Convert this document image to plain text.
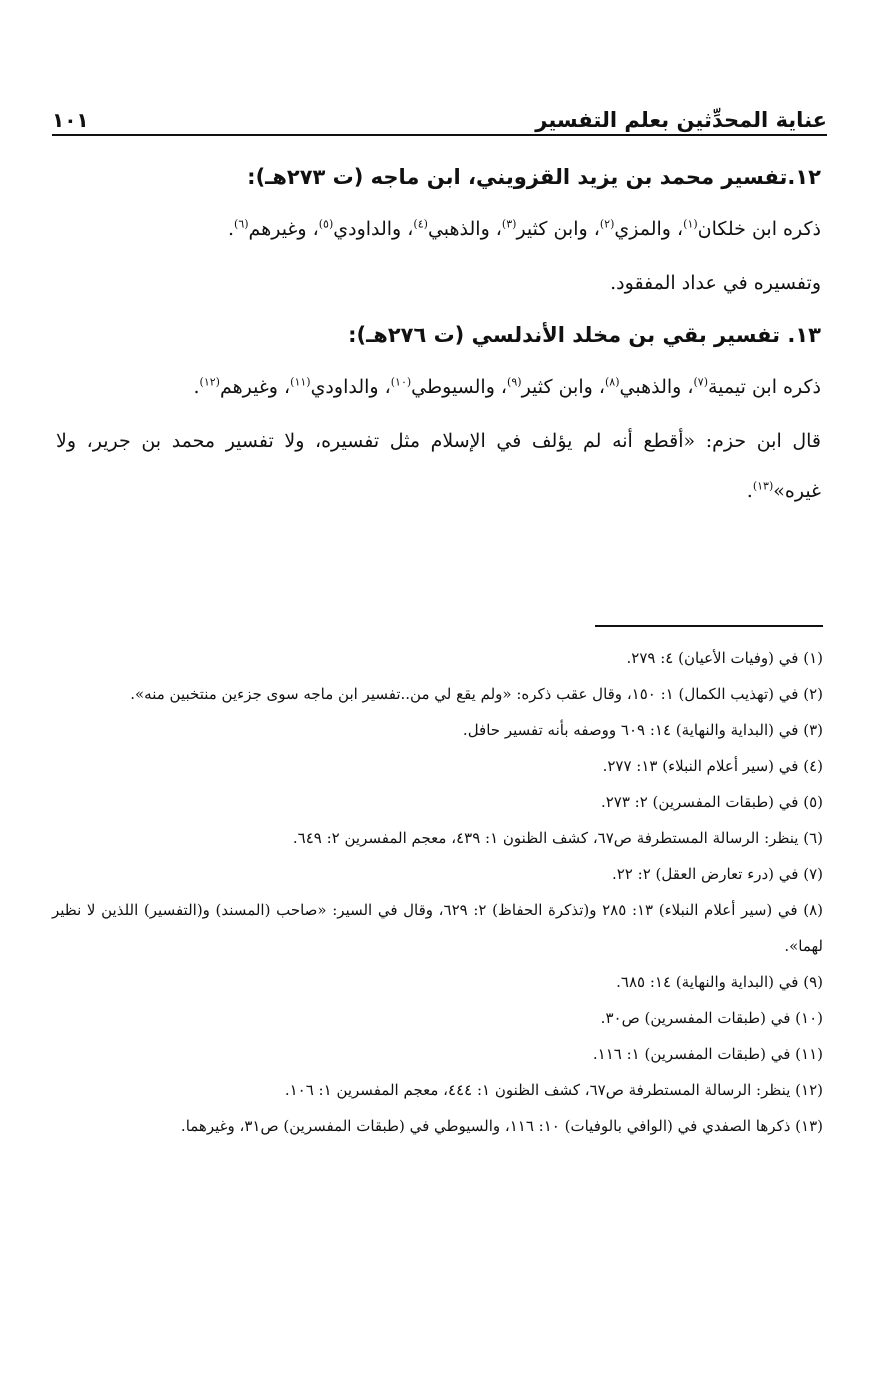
عناية المحدِّثين بعلم التفسير
١٠١
١٢.تفسير محمد بن يزيد القزويني، ابن ماجه (ت ٢٧٣هـ):

ذكره ابن خلكان$^{(١)}$، والمزي$^{(٢)}$، وابن كثير$^{(٣)}$، والذهبي$^{(٤)}$، والداودي$^{(٥)}$، وغيرهم$^{(٦)}$.

وتفسيره في عداد المفقود.

١٣. تفسير بقي بن مخلد الأندلسي (ت ٢٧٦هـ):

ذكره ابن تيمية$^{(٧)}$، والذهبي$^{(٨)}$، وابن كثير$^{(٩)}$، والسيوطي$^{(١٠)}$، والداودي$^{(١١)}$، وغيرهم$^{(١٢)}$.

قال ابن حزم: «أقطع أنه لم يؤلف في الإسلام مثل تفسيره، ولا تفسير محمد بن جرير، ولا غيره»$^{(١٣)}$.

(١) في (وفيات الأعيان) ٤: ٢٧٩.

(٢) في (تهذيب الكمال) ١: ١٥٠، وقال عقب ذكره: «ولم يقع لي من..تفسير ابن ماجه سوى جزءين منتخبين منه».

(٣) في (البداية والنهاية) ١٤: ٦٠٩ ووصفه بأنه تفسير حافل.

(٤) في (سير أعلام النبلاء) ١٣: ٢٧٧.

(٥) في (طبقات المفسرين) ٢: ٢٧٣.

(٦) ينظر: الرسالة المستطرفة ص٦٧، كشف الظنون ١: ٤٣٩، معجم المفسرين ٢: ٦٤٩.

(٧) في (درء تعارض العقل) ٢: ٢٢.

(٨) في (سير أعلام النبلاء) ١٣: ٢٨٥ و(تذكرة الحفاظ) ٢: ٦٢٩، وقال في السير: «صاحب (المسند) و(التفسير) اللذين لا نظير لهما».

(٩) في (البداية والنهاية) ١٤: ٦٨٥.

(١٠) في (طبقات المفسرين) ص٣٠.

(١١) في (طبقات المفسرين) ١: ١١٦.

(١٢) ينظر: الرسالة المستطرفة ص٦٧، كشف الظنون ١: ٤٤٤، معجم المفسرين ١: ١٠٦.

(١٣) ذكرها الصفدي في (الوافي بالوفيات) ١٠: ١١٦، والسيوطي في (طبقات المفسرين) ص٣١، وغيرهما.
